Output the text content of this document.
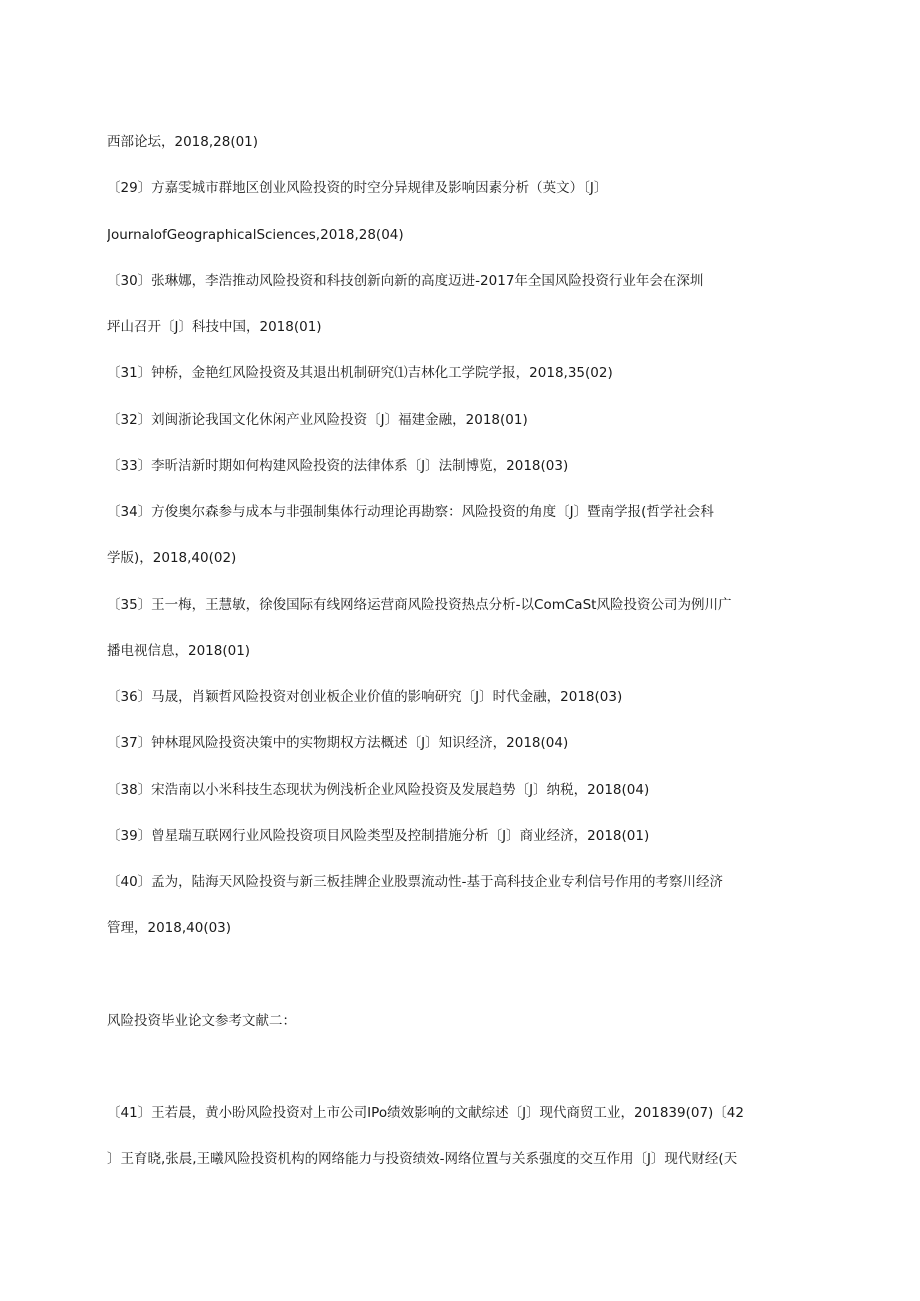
西部论坛，2018,28(01)
〔29〕方嘉雯城市群地区创业风险投资的时空分异规律及影响因素分析（英文）〔J〕
JournalofGeographicalSciences,2018,28(04)
〔30〕张琳娜，李浩推动风险投资和科技创新向新的高度迈进-2017年全国风险投资行业年会在深圳
坪山召开〔J〕科技中国，2018(01)
〔31〕钟桥，金艳红风险投资及其退出机制研究⑴吉林化工学院学报，2018,35(02)
〔32〕刘闽浙论我国文化休闲产业风险投资〔J〕福建金融，2018(01)
〔33〕李昕洁新时期如何构建风险投资的法律体系〔J〕法制博览，2018(03)
〔34〕方俊奥尔森参与成本与非强制集体行动理论再勘察：风险投资的角度〔J〕暨南学报(哲学社会科
学版)，2018,40(02)
〔35〕王一梅，王慧敏，徐俊国际有线网络运营商风险投资热点分析-以ComCaSt风险投资公司为例川广
播电视信息，2018(01)
〔36〕马晟，肖颖哲风险投资对创业板企业价值的影响研究〔J〕时代金融，2018(03)
〔37〕钟林琨风险投资决策中的实物期权方法概述〔J〕知识经济，2018(04)
〔38〕宋浩南以小米科技生态现状为例浅析企业风险投资及发展趋势〔J〕纳税，2018(04)
〔39〕曾星瑞互联网行业风险投资项目风险类型及控制措施分析〔J〕商业经济，2018(01)
〔40〕孟为，陆海天风险投资与新三板挂牌企业股票流动性-基于高科技企业专利信号作用的考察川经济
管理，2018,40(03)
风险投资毕业论文参考文献二：
〔41〕王若晨，黄小盼风险投资对上市公司IPo绩效影响的文献综述〔J〕现代商贸工业，201839(07)〔42
〕王育晓,张晨,王曦风险投资机构的网络能力与投资绩效-网络位置与关系强度的交互作用〔J〕现代财经(天
